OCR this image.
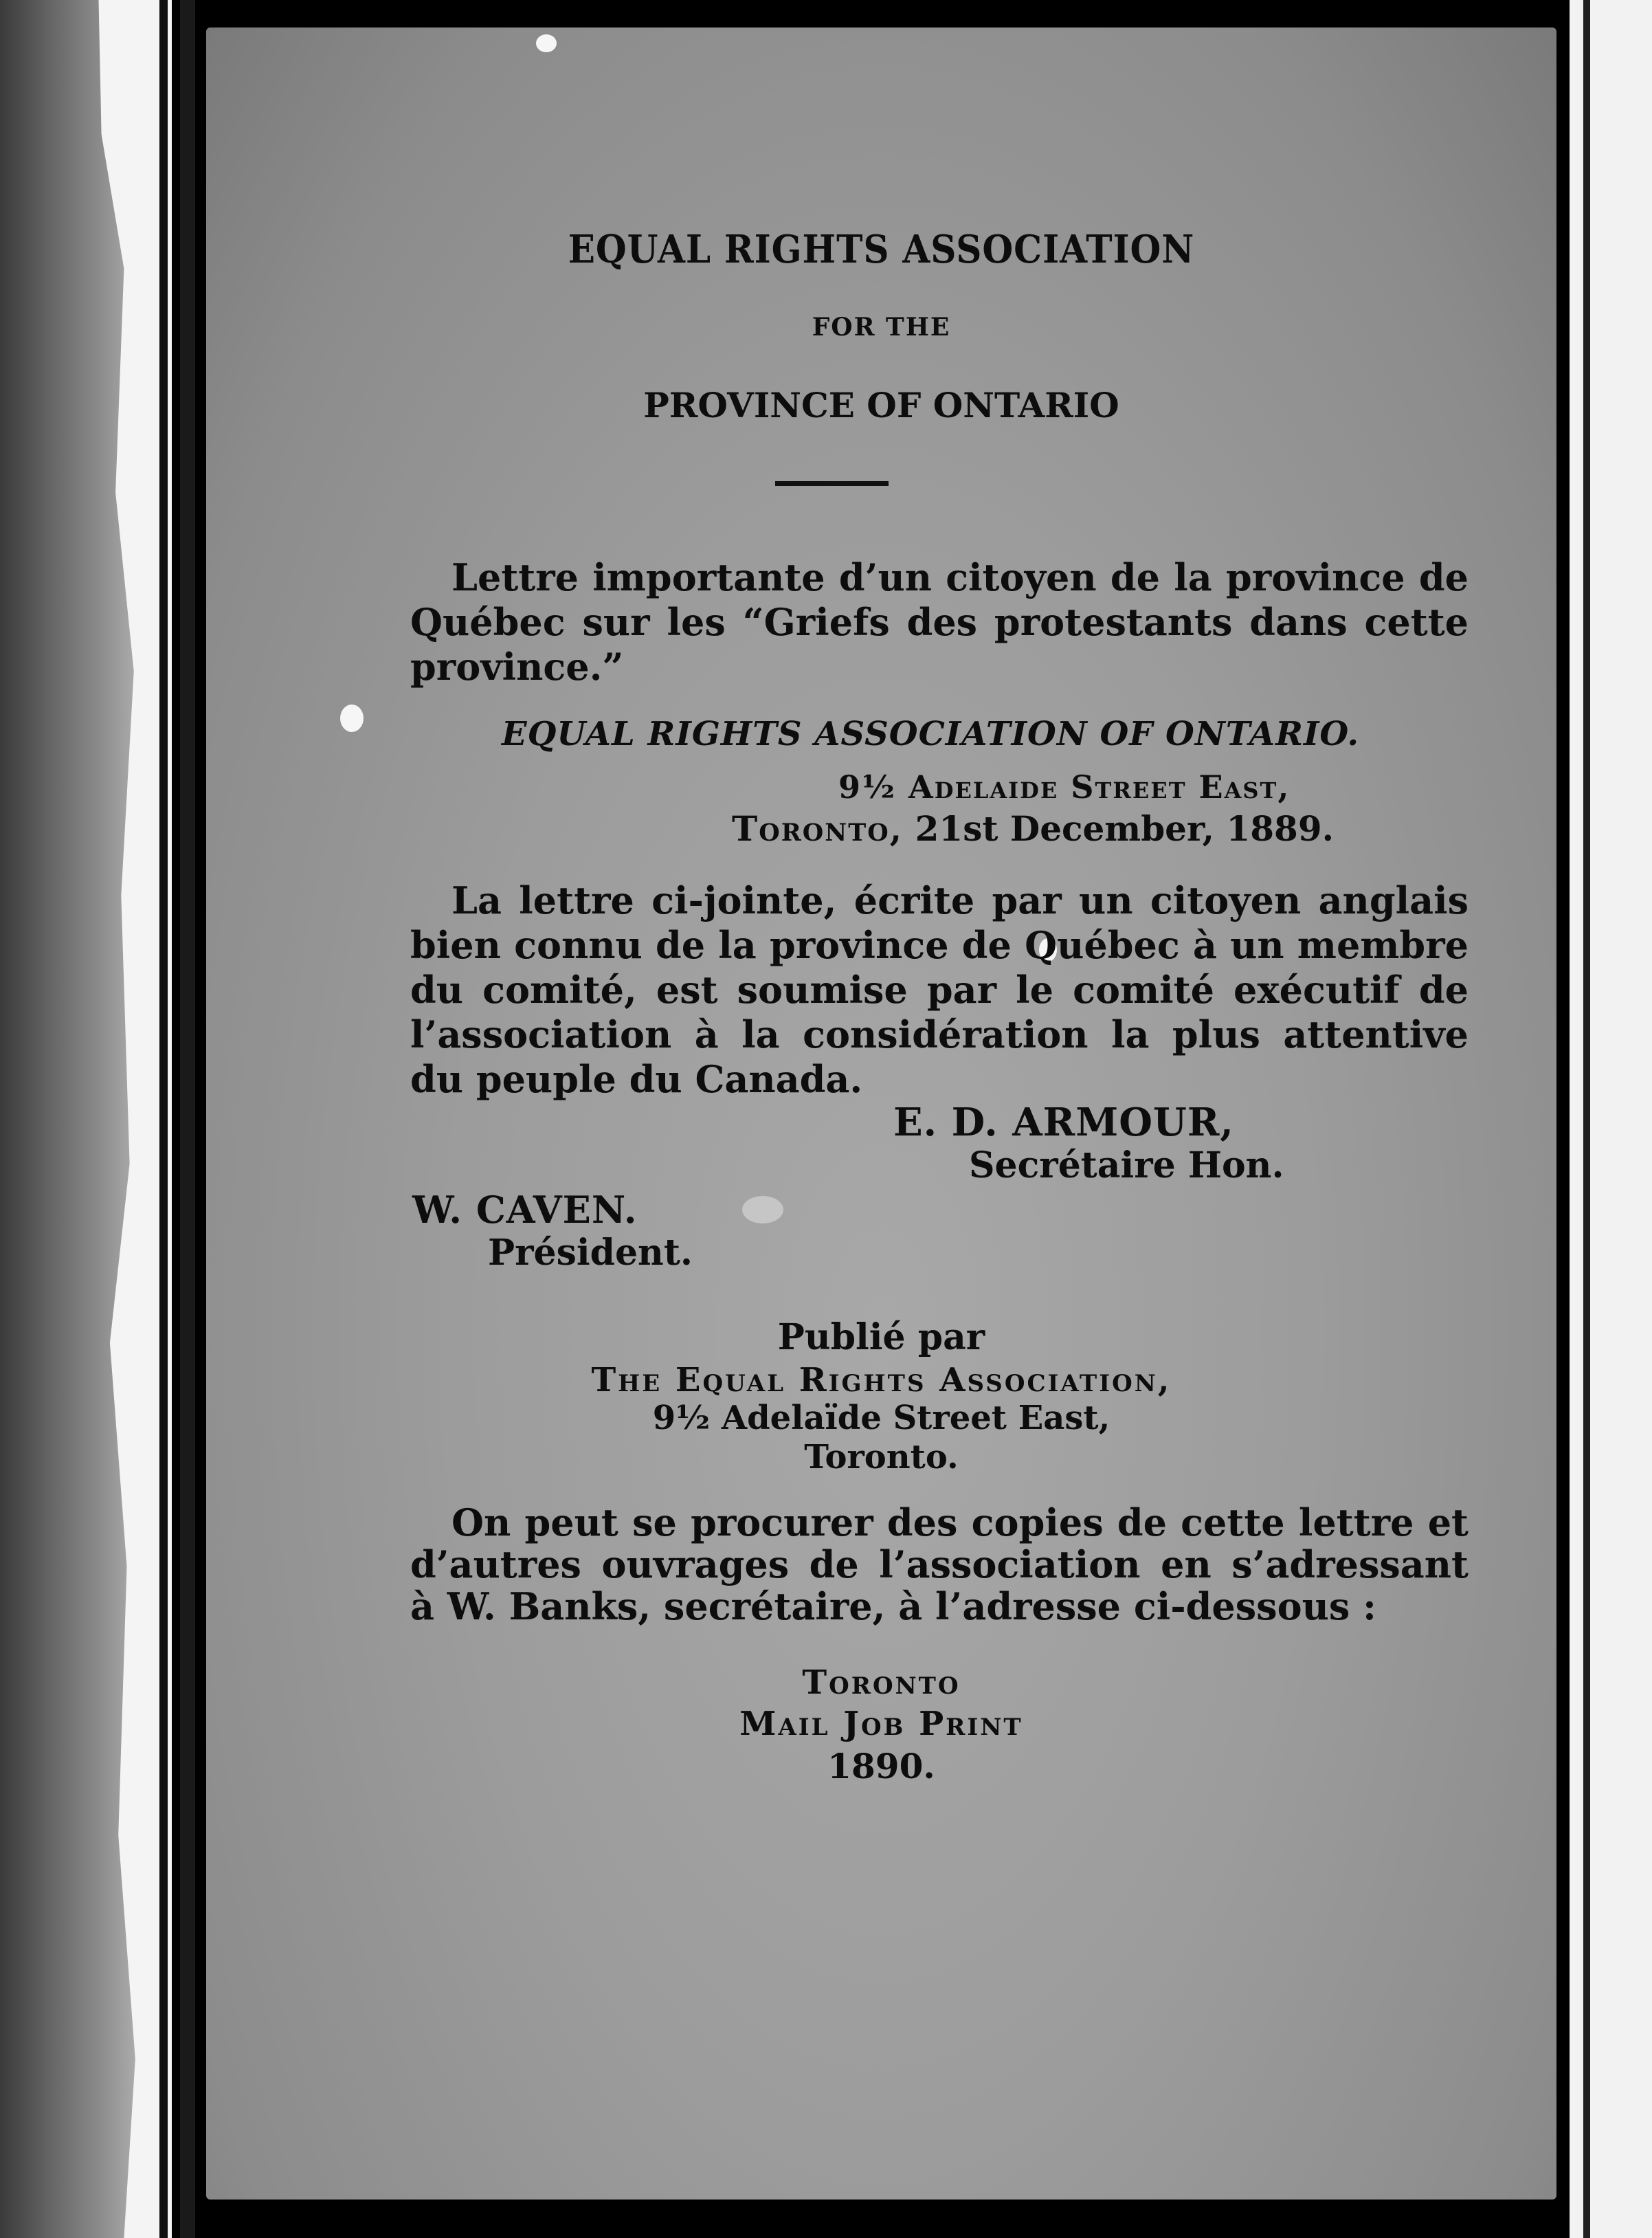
EQUAL RIGHTS ASSOCIATION
FOR THE
PROVINCE OF ONTARIO
Lettre importante d’un citoyen de la province de Québec sur les “Griefs des protestants dans cette province.”
EQUAL RIGHTS ASSOCIATION OF ONTARIO.
9½ Adelaide Street East,
Toronto, 21st December, 1889.
La lettre ci-jointe, écrite par un citoyen anglais bien connu de la province de Québec à un membre du comité, est soumise par le comité exécutif de l’association à la considération la plus attentive du peuple du Canada.
E. D. ARMOUR,
Secrétaire Hon.
W. CAVEN.
Président.
Publié par
The Equal Rights Association,
9½ Adelaïde Street East,
Toronto.
On peut se procurer des copies de cette lettre et d’autres ouvrages de l’association en s’adressant à W. Banks, secrétaire, à l’adresse ci-dessous :
Toronto
Mail Job Print
1890.
